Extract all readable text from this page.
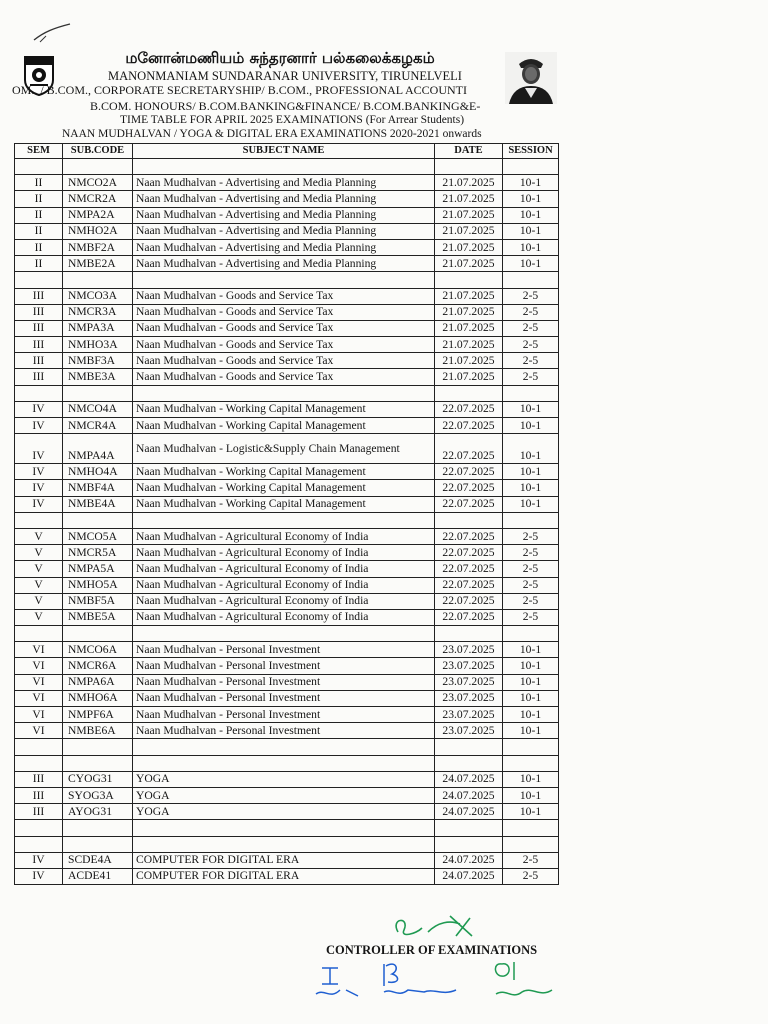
மனோன்மணியம் சுந்தரனார் பல்கலைக்கழகம்
MANONMANIAM SUNDARANAR UNIVERSITY, TIRUNELVELI
OM.. / B.COM., CORPORATE SECRETARYSHIP/ B.COM., PROFESSIONAL ACCOUNTI
B.COM. HONOURS/ B.COM.BANKING&FINANCE/ B.COM.BANKING&E-
TIME TABLE FOR APRIL 2025 EXAMINATIONS (For Arrear Students)
NAAN MUDHALVAN / YOGA & DIGITAL ERA EXAMINATIONS 2020-2021 onwards
SEM	SUB.CODE	SUBJECT NAME	DATE	SESSION

II	NMCO2A	Naan Mudhalvan - Advertising and Media Planning	21.07.2025	10-1
II	NMCR2A	Naan Mudhalvan - Advertising and Media Planning	21.07.2025	10-1
II	NMPA2A	Naan Mudhalvan - Advertising and Media Planning	21.07.2025	10-1
II	NMHO2A	Naan Mudhalvan - Advertising and Media Planning	21.07.2025	10-1
II	NMBF2A	Naan Mudhalvan - Advertising and Media Planning	21.07.2025	10-1
II	NMBE2A	Naan Mudhalvan - Advertising and Media Planning	21.07.2025	10-1

III	NMCO3A	Naan Mudhalvan - Goods and Service Tax	21.07.2025	2-5
III	NMCR3A	Naan Mudhalvan - Goods and Service Tax	21.07.2025	2-5
III	NMPA3A	Naan Mudhalvan - Goods and Service Tax	21.07.2025	2-5
III	NMHO3A	Naan Mudhalvan - Goods and Service Tax	21.07.2025	2-5
III	NMBF3A	Naan Mudhalvan - Goods and Service Tax	21.07.2025	2-5
III	NMBE3A	Naan Mudhalvan - Goods and Service Tax	21.07.2025	2-5

IV	NMCO4A	Naan Mudhalvan - Working Capital Management	22.07.2025	10-1
IV	NMCR4A	Naan Mudhalvan - Working Capital Management	22.07.2025	10-1
IV	NMPA4A	Naan Mudhalvan - Logistic&Supply Chain Management	22.07.2025	10-1
IV	NMHO4A	Naan Mudhalvan - Working Capital Management	22.07.2025	10-1
IV	NMBF4A	Naan Mudhalvan - Working Capital Management	22.07.2025	10-1
IV	NMBE4A	Naan Mudhalvan - Working Capital Management	22.07.2025	10-1

V	NMCO5A	Naan Mudhalvan - Agricultural Economy of India	22.07.2025	2-5
V	NMCR5A	Naan Mudhalvan - Agricultural Economy of India	22.07.2025	2-5
V	NMPA5A	Naan Mudhalvan - Agricultural Economy of India	22.07.2025	2-5
V	NMHO5A	Naan Mudhalvan - Agricultural Economy of India	22.07.2025	2-5
V	NMBF5A	Naan Mudhalvan - Agricultural Economy of India	22.07.2025	2-5
V	NMBE5A	Naan Mudhalvan - Agricultural Economy of India	22.07.2025	2-5

VI	NMCO6A	Naan Mudhalvan - Personal Investment	23.07.2025	10-1
VI	NMCR6A	Naan Mudhalvan - Personal Investment	23.07.2025	10-1
VI	NMPA6A	Naan Mudhalvan - Personal Investment	23.07.2025	10-1
VI	NMHO6A	Naan Mudhalvan - Personal Investment	23.07.2025	10-1
VI	NMPF6A	Naan Mudhalvan - Personal Investment	23.07.2025	10-1
VI	NMBE6A	Naan Mudhalvan - Personal Investment	23.07.2025	10-1

III	CYOG31	YOGA	24.07.2025	10-1
III	SYOG3A	YOGA	24.07.2025	10-1
III	AYOG31	YOGA	24.07.2025	10-1

IV	SCDE4A	COMPUTER FOR DIGITAL ERA	24.07.2025	2-5
IV	ACDE41	COMPUTER FOR DIGITAL ERA	24.07.2025	2-5
CONTROLLER OF EXAMINATIONS
